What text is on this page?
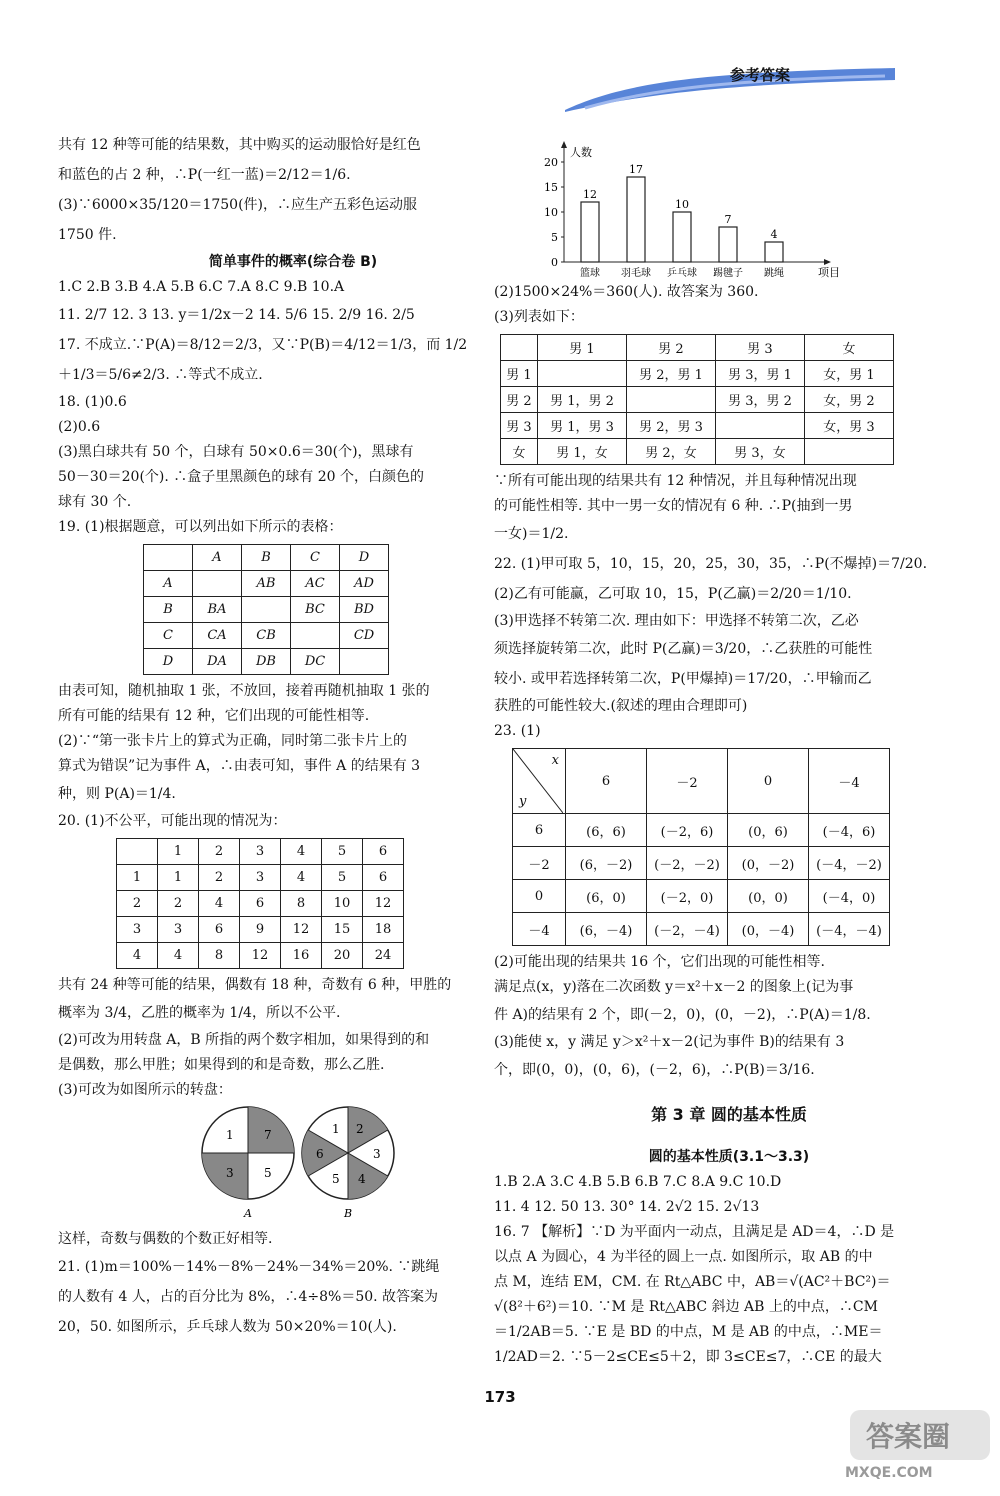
参考答案

共有 12 种等可能的结果数，其中购买的运动服恰好是红色

和蓝色的占 2 种，∴P(一红一蓝)＝2/12＝1/6.

(3)∵6000×35/120＝1750(件)，∴应生产五彩色运动服

1750 件.

简单事件的概率(综合卷 B)

1.C 2.B 3.B 4.A 5.B 6.C 7.A 8.C 9.B 10.A

11. 2/7 12. 3 13. y＝1/2x－2 14. 5/6 15. 2/9 16. 2/5

17. 不成立.∵P(A)＝8/12＝2/3，又∵P(B)＝4/12＝1/3，而 1/2

＋1/3＝5/6≠2/3. ∴等式不成立.

18. (1)0.6

(2)0.6

(3)黑白球共有 50 个，白球有 50×0.6＝30(个)，黑球有

50－30＝20(个). ∴盒子里黑颜色的球有 20 个，白颜色的

球有 30 个.

19. (1)根据题意，可以列出如下所示的表格：

	A	B	C	D
A		AB	AC	AD
B	BA		BC	BD
C	CA	CB		CD
D	DA	DB	DC	

由表可知，随机抽取 1 张，不放回，接着再随机抽取 1 张的

所有可能的结果有 12 种，它们出现的可能性相等.

(2)∵“第一张卡片上的算式为正确，同时第二张卡片上的

算式为错误”记为事件 A，∴由表可知，事件 A 的结果有 3

种，则 P(A)＝1/4.

20. (1)不公平，可能出现的情况为：

	1	2	3	4	5	6
1	1	2	3	4	5	6
2	2	4	6	8	10	12
3	3	6	9	12	15	18
4	4	8	12	16	20	24

共有 24 种等可能的结果，偶数有 18 种，奇数有 6 种，甲胜的

概率为 3/4，乙胜的概率为 1/4，所以不公平.

(2)可改为用转盘 A，B 所指的两个数字相加，如果得到的和

是偶数，那么甲胜；如果得到的和是奇数，那么乙胜.

(3)可改为如图所示的转盘：

1	7
3	5
A
2
3
4
5
6
1
B

这样，奇数与偶数的个数正好相等.

21. (1)m＝100%－14%－8%－24%－34%＝20%. ∵跳绳

的人数有 4 人，占的百分比为 8%，∴4÷8%＝50. 故答案为

20，50. 如图所示，乒乓球人数为 50×20%＝10(人).

人数
项目
0
5
10
15
20
12
篮球
17
羽毛球
10
乒乓球
7
踢毽子
4
跳绳

(2)1500×24%＝360(人). 故答案为 360.

(3)列表如下：

	男 1	男 2	男 3	女
男 1		男 2，男 1	男 3，男 1	女，男 1
男 2	男 1，男 2		男 3，男 2	女，男 2
男 3	男 1，男 3	男 2，男 3		女，男 3
女	男 1，女	男 2，女	男 3，女	

∵所有可能出现的结果共有 12 种情况，并且每种情况出现

的可能性相等. 其中一男一女的情况有 6 种. ∴P(抽到一男

一女)＝1/2.

22. (1)甲可取 5，10，15，20，25，30，35，∴P(不爆掉)＝7/20.

(2)乙有可能赢，乙可取 10，15，P(乙赢)＝2/20＝1/10.

(3)甲选择不转第二次. 理由如下：甲选择不转第二次，乙必

须选择旋转第二次，此时 P(乙赢)＝3/20，∴乙获胜的可能性

较小. 或甲若选择转第二次，P(甲爆掉)＝17/20，∴甲输而乙

获胜的可能性较大.(叙述的理由合理即可)

23. (1)

x
y	6	－2	0	－4
6	(6，6)	(－2，6)	(0，6)	(－4，6)
－2	(6，－2)	(－2，－2)	(0，－2)	(－4，－2)
0	(6，0)	(－2，0)	(0，0)	(－4，0)
－4	(6，－4)	(－2，－4)	(0，－4)	(－4，－4)

(2)可能出现的结果共 16 个，它们出现的可能性相等.

满足点(x，y)落在二次函数 y＝x²＋x－2 的图象上(记为事

件 A)的结果有 2 个，即(－2，0)，(0，－2)，∴P(A)＝1/8.

(3)能使 x，y 满足 y＞x²＋x－2(记为事件 B)的结果有 3

个，即(0，0)，(0，6)，(－2，6)，∴P(B)＝3/16.

第 3 章 圆的基本性质

圆的基本性质(3.1～3.3)

1.B 2.A 3.C 4.B 5.B 6.B 7.C 8.A 9.C 10.D

11. 4 12. 50 13. 30° 14. 2√2 15. 2√13

16. 7 【解析】∵D 为平面内一动点，且满足是 AD＝4，∴D 是

以点 A 为圆心，4 为半径的圆上一点. 如图所示，取 AB 的中

点 M，连结 EM，CM. 在 Rt△ABC 中，AB＝√(AC²＋BC²)＝

√(8²＋6²)＝10. ∵M 是 Rt△ABC 斜边 AB 上的中点，∴CM

＝1/2AB＝5. ∵E 是 BD 的中点，M 是 AB 的中点，∴ME＝

1/2AD＝2. ∵5－2≤CE≤5＋2，即 3≤CE≤7，∴CE 的最大

173
答案圈
MXQE.COM
